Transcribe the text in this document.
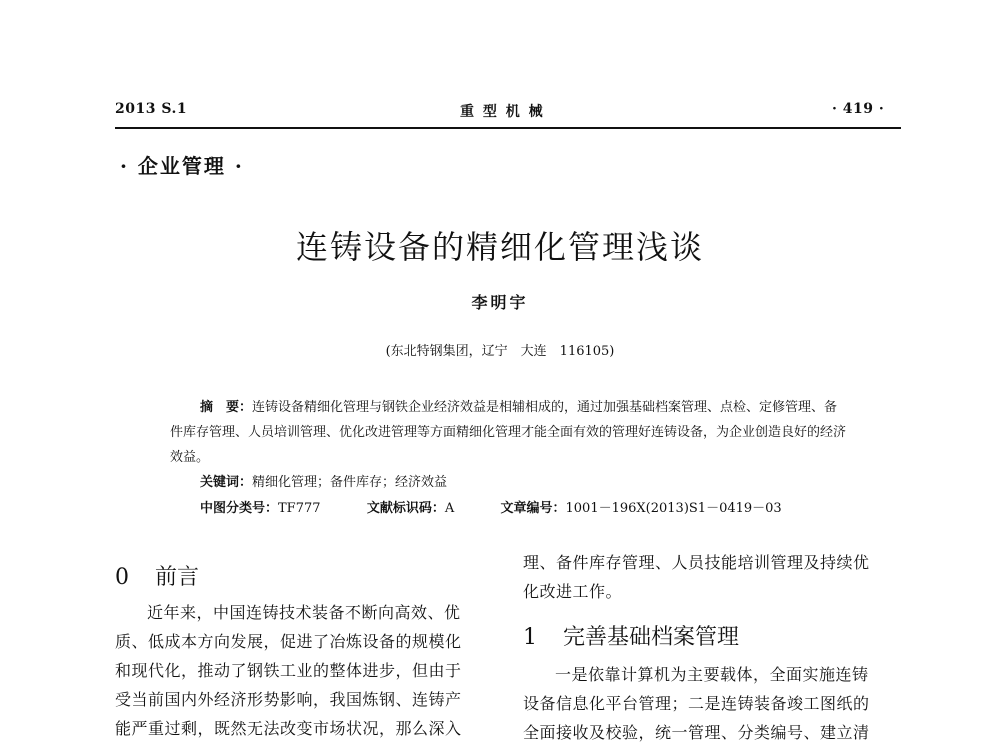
2013 S.1	重 型 机 械	· 419 ·
· 企业管理 ·
连铸设备的精细化管理浅谈
李明宇
(东北特钢集团，辽宁　大连　116105)
摘　要：连铸设备精细化管理与钢铁企业经济效益是相辅相成的，通过加强基础档案管理、点检、定修管理、备件库存管理、人员培训管理、优化改进管理等方面精细化管理才能全面有效的管理好连铸设备，为企业创造良好的经济效益。
关键词：精细化管理；备件库存；经济效益
中图分类号：TF777	文献标识码：A	文章编号：1001－196X(2013)S1－0419－03
0 前言
近年来，中国连铸技术装备不断向高效、优
质、低成本方向发展，促进了冶炼设备的规模化
和现代化，推动了钢铁工业的整体进步，但由于
受当前国内外经济形势影响，我国炼钢、连铸产
能严重过剩，既然无法改变市场状况，那么深入
理、备件库存管理、人员技能培训管理及持续优
化改进工作。
1 完善基础档案管理
一是依靠计算机为主要载体，全面实施连铸
设备信息化平台管理；二是连铸装备竣工图纸的
全面接收及校验，统一管理、分类编号、建立清
